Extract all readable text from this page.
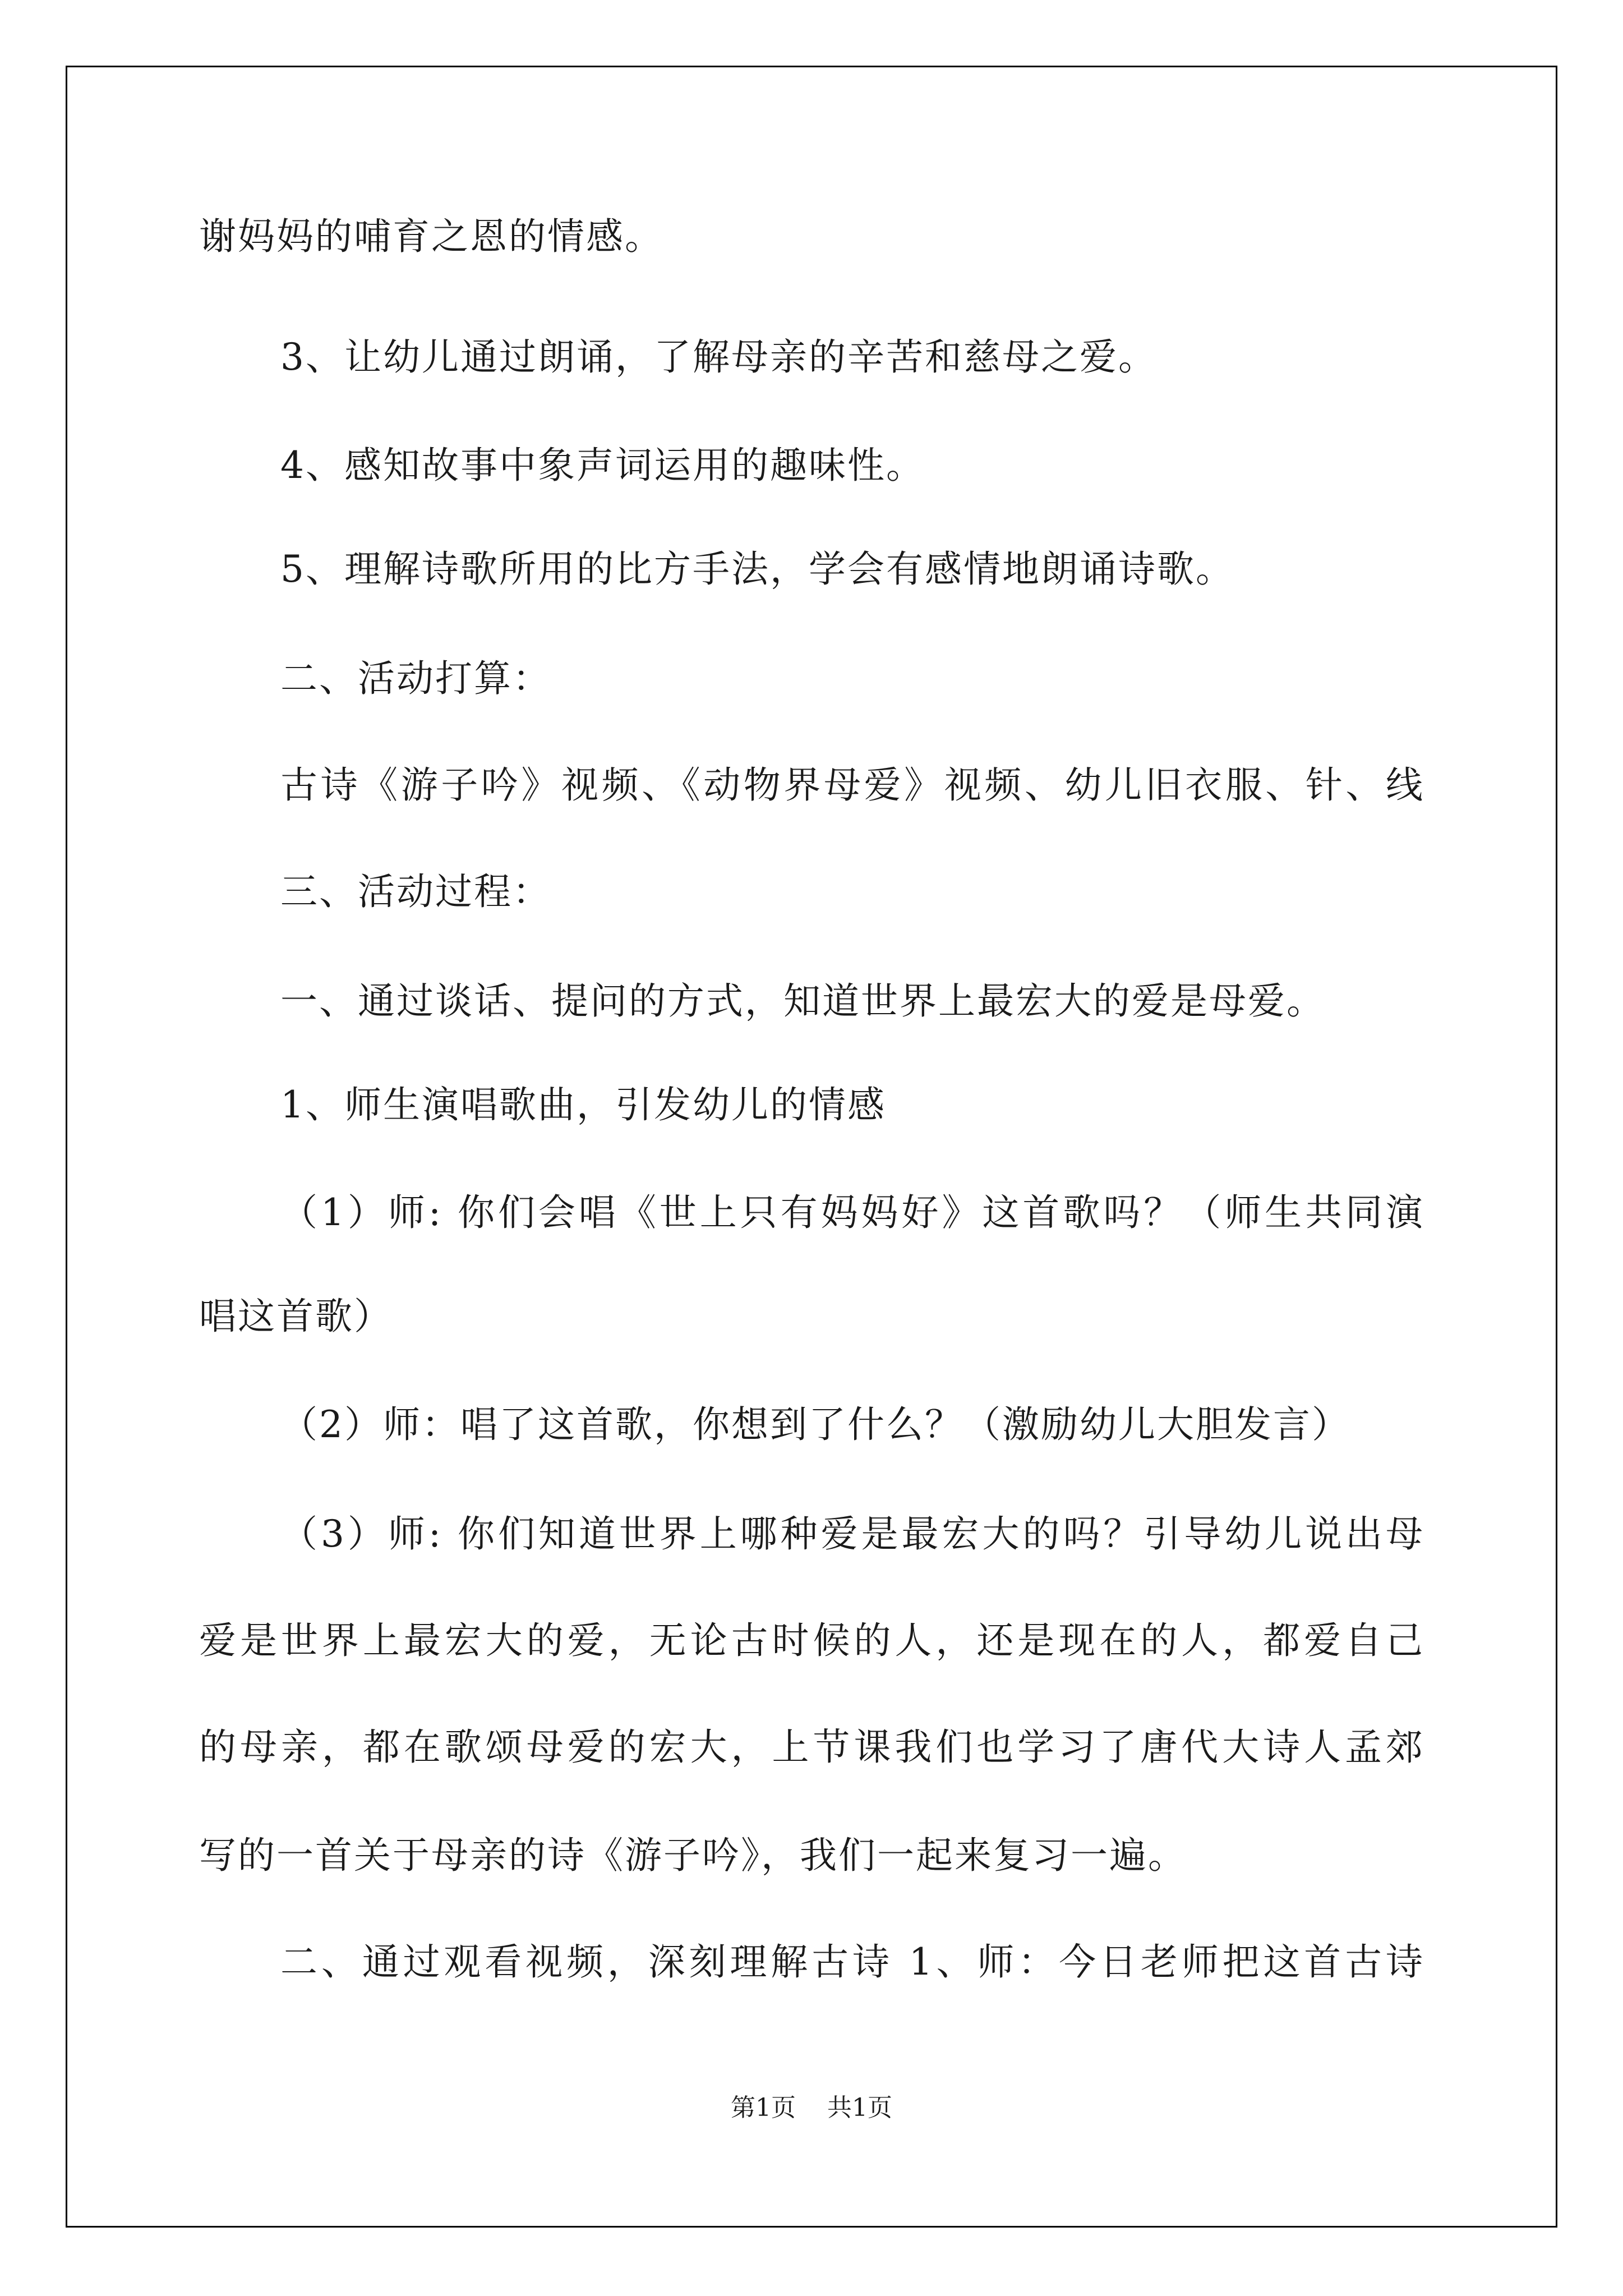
谢妈妈的哺育之恩的情感。
3、让幼儿通过朗诵，了解母亲的辛苦和慈母之爱。
4、感知故事中象声词运用的趣味性。
5、理解诗歌所用的比方手法，学会有感情地朗诵诗歌。
二、活动打算：
古诗《游子吟》视频、《动物界母爱》视频、幼儿旧衣服、针、线
三、活动过程：
一、通过谈话、提问的方式，知道世界上最宏大的爱是母爱。
1、师生演唱歌曲，引发幼儿的情感
（1）师: 你们会唱《世上只有妈妈好》这首歌吗？（师生共同演
唱这首歌）
（2）师：唱了这首歌，你想到了什么？（激励幼儿大胆发言）
（3）师: 你们知道世界上哪种爱是最宏大的吗？引导幼儿说出母
爱是世界上最宏大的爱，无论古时候的人，还是现在的人，都爱自己
的母亲，都在歌颂母爱的宏大，上节课我们也学习了唐代大诗人孟郊
写的一首关于母亲的诗《游子吟》，我们一起来复习一遍。
二、通过观看视频，深刻理解古诗 1、师：今日老师把这首古诗
第1页 共1页
